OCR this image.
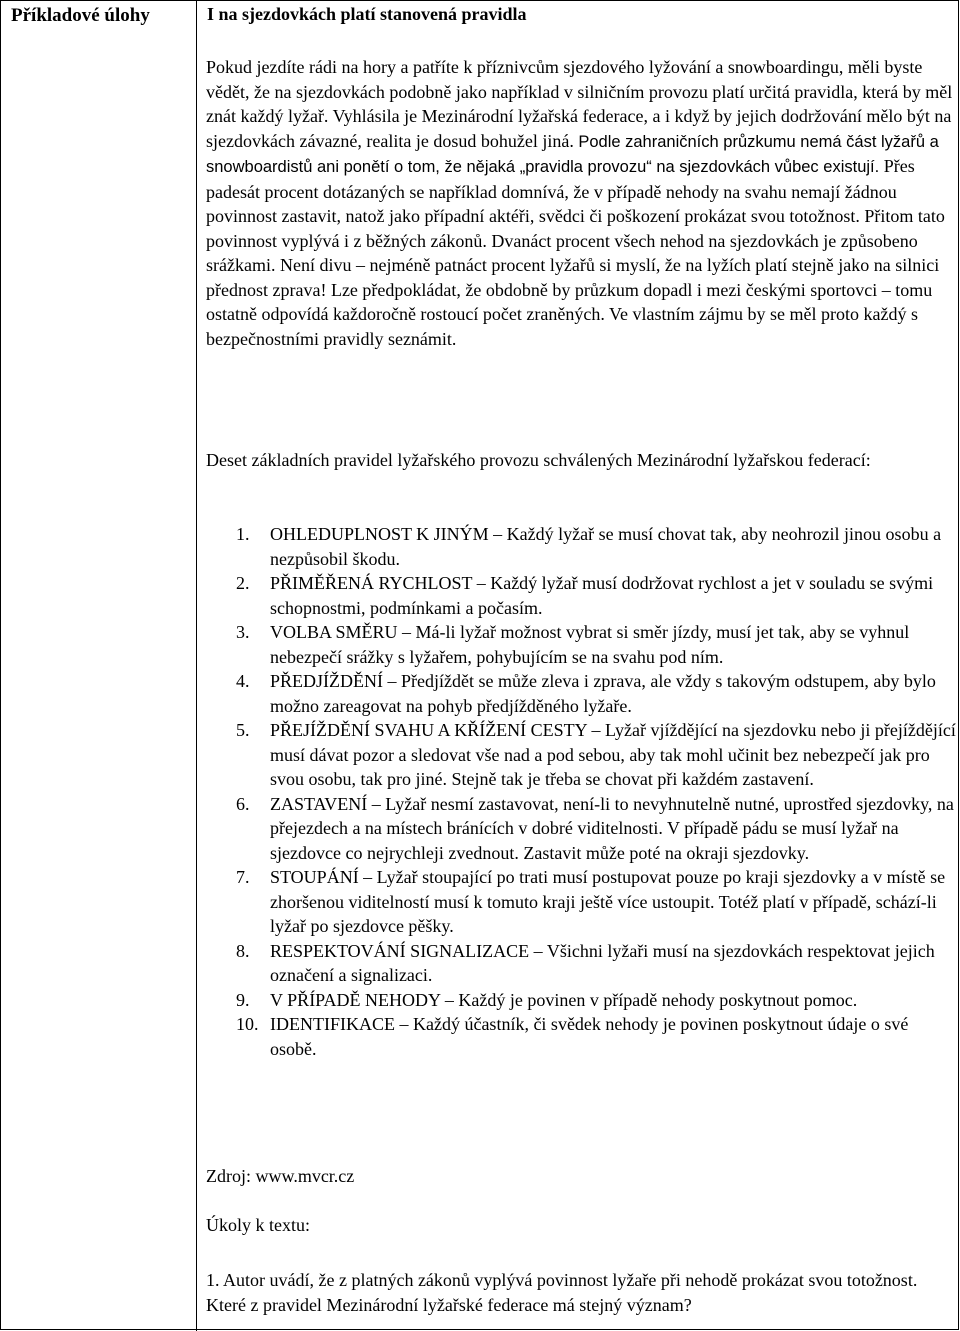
Příkladové úlohy	I na sjezdovkách platí stanovená pravidla
Pokud jezdíte rádi na hory a patříte k příznivcům sjezdového lyžování a snowboardingu, měli byste vědět, že na sjezdovkách podobně jako například v silničním provozu platí určitá pravidla, která by měl znát každý lyžař. Vyhlásila je Mezinárodní lyžařská federace, a i když by jejich dodržování mělo být na sjezdovkách závazné, realita je dosud bohužel jiná. Podle zahraničních průzkumu nemá část lyžařů a snowboardistů ani ponětí o tom, že nějaká „pravidla provozu“ na sjezdovkách vůbec existují. Přes padesát procent dotázaných se například domnívá, že v případě nehody na svahu nemají žádnou povinnost zastavit, natož jako případní aktéři, svědci či poškození prokázat svou totožnost. Přitom tato povinnost vyplývá i z běžných zákonů. Dvanáct procent všech nehod na sjezdovkách je způsobeno srážkami. Není divu – nejméně patnáct procent lyžařů si myslí, že na lyžích platí stejně jako na silnici přednost zprava! Lze předpokládat, že obdobně by průzkum dopadl i mezi českými sportovci – tomu ostatně odpovídá každoročně rostoucí počet zraněných. Ve vlastním zájmu by se měl proto každý s bezpečnostními pravidly seznámit.
Deset základních pravidel lyžařského provozu schválených Mezinárodní lyžařskou federací:
1. OHLEDUPLNOST K JINÝM – Každý lyžař se musí chovat tak, aby neohrozil jinou osobu a nezpůsobil škodu.
2. PŘIMĚŘENÁ RYCHLOST – Každý lyžař musí dodržovat rychlost a jet v souladu se svými schopnostmi, podmínkami a počasím.
3. VOLBA SMĚRU – Má-li lyžař možnost vybrat si směr jízdy, musí jet tak, aby se vyhnul nebezpečí srážky s lyžařem, pohybujícím se na svahu pod ním.
4. PŘEDJÍŽDĚNÍ – Předjíždět se může zleva i zprava, ale vždy s takovým odstupem, aby bylo možno zareagovat na pohyb předjížděného lyžaře.
5. PŘEJÍŽDĚNÍ SVAHU A KŘÍŽENÍ CESTY – Lyžař vjíždějící na sjezdovku nebo ji přejíždějící musí dávat pozor a sledovat vše nad a pod sebou, aby tak mohl učinit bez nebezpečí jak pro svou osobu, tak pro jiné. Stejně tak je třeba se chovat při každém zastavení.
6. ZASTAVENÍ – Lyžař nesmí zastavovat, není-li to nevyhnutelně nutné, uprostřed sjezdovky, na přejezdech a na místech bránících v dobré viditelnosti. V případě pádu se musí lyžař na sjezdovce co nejrychleji zvednout. Zastavit může poté na okraji sjezdovky.
7. STOUPÁNÍ – Lyžař stoupající po trati musí postupovat pouze po kraji sjezdovky a v místě se zhoršenou viditelností musí k tomuto kraji ještě více ustoupit. Totéž platí v případě, schází-li lyžař po sjezdovce pěšky.
8. RESPEKTOVÁNÍ SIGNALIZACE – Všichni lyžaři musí na sjezdovkách respektovat jejich označení a signalizaci.
9. V PŘÍPADĚ NEHODY – Každý je povinen v případě nehody poskytnout pomoc.
10. IDENTIFIKACE – Každý účastník, či svědek nehody je povinen poskytnout údaje o své osobě.
Zdroj: www.mvcr.cz
Úkoly k textu:
1. Autor uvádí, že z platných zákonů vyplývá povinnost lyžaře při nehodě prokázat svou totožnost. Které z pravidel Mezinárodní lyžařské federace má stejný význam?
